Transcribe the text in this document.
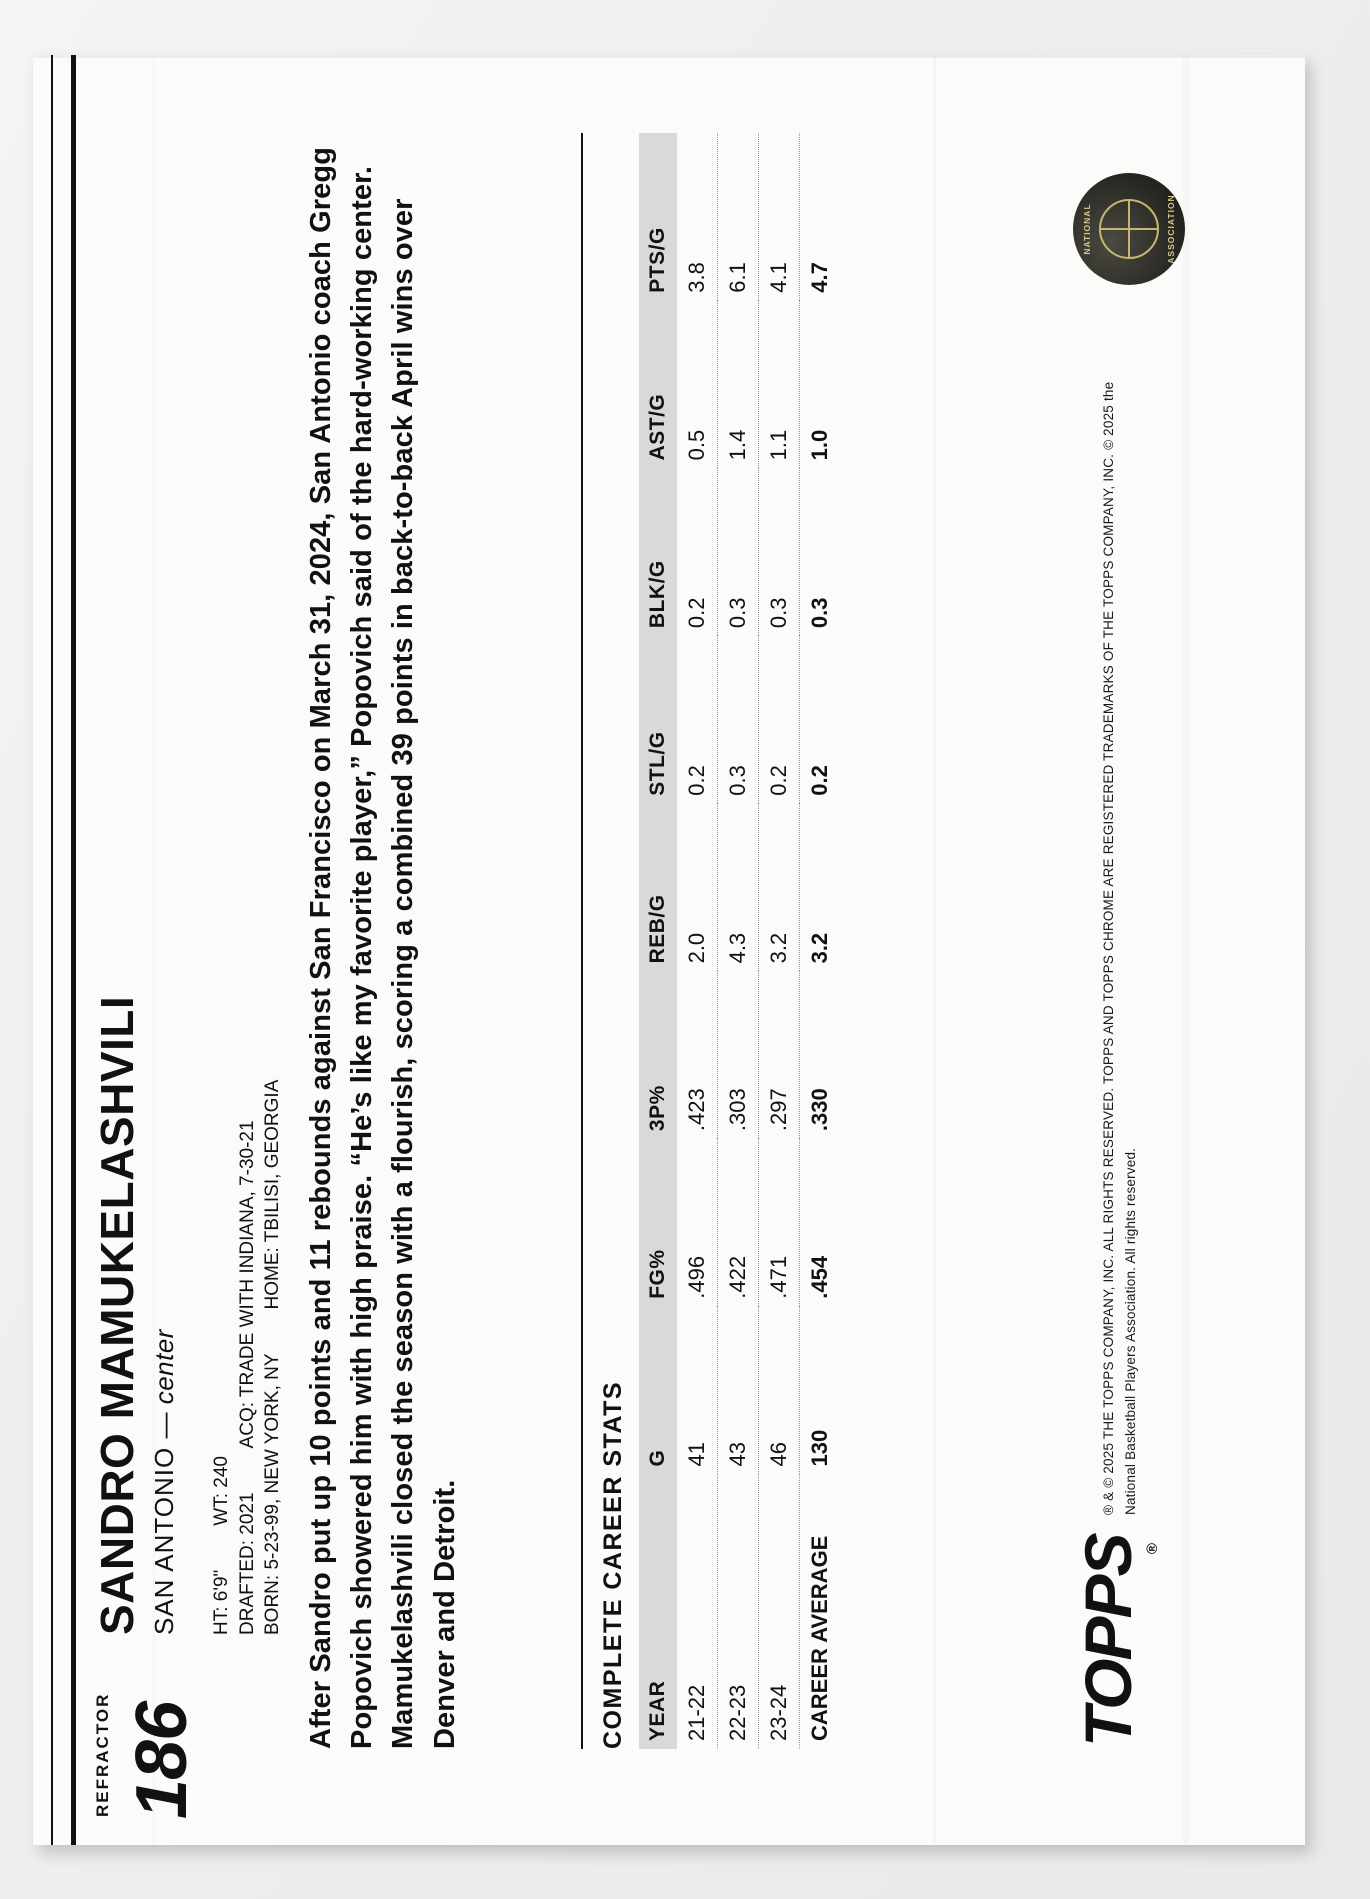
REFRACTOR 186
SANDRO MAMUKELASHVILI SAN ANTONIO — center
HT: 6'9"
WT: 240
DRAFTED: 2021
ACQ: TRADE WITH INDIANA, 7-30-21
BORN: 5-23-99, NEW YORK, NY
HOME: TBILISI, GEORGIA After Sandro put up 10 points and 11 rebounds against San Francisco on March 31, 2024, San Antonio coach Gregg Popovich showered him with high praise. “He’s like my favorite player,” Popovich said of the hard-working center. Mamukelashvili closed the season with a flourish, scoring a combined 39 points in back-to-back April wins over Denver and Detroit.	COMPLETE CAREER STATS YEAR	G	FG%	3P%	REB/G	STL/G	BLK/G	AST/G	PTS/G
21-22	41	.496	.423	2.0	0.2	0.2	0.5	3.8
22-23	43	.422	.303	4.3	0.3	0.3	1.4	6.1
23-24	46	.471	.297	3.2	0.2	0.3	1.1	4.1
CAREER AVERAGE	130	.454	.330	3.2	0.2	0.3	1.0	4.7
TOPPS ®
® & © 2025 THE TOPPS COMPANY, INC. ALL RIGHTS RESERVED. TOPPS AND TOPPS CHROME ARE REGISTERED TRADEMARKS OF THE TOPPS COMPANY, INC. © 2025 the National Basketball Players Association. All rights reserved.
NATIONAL	ASSOCIATION
